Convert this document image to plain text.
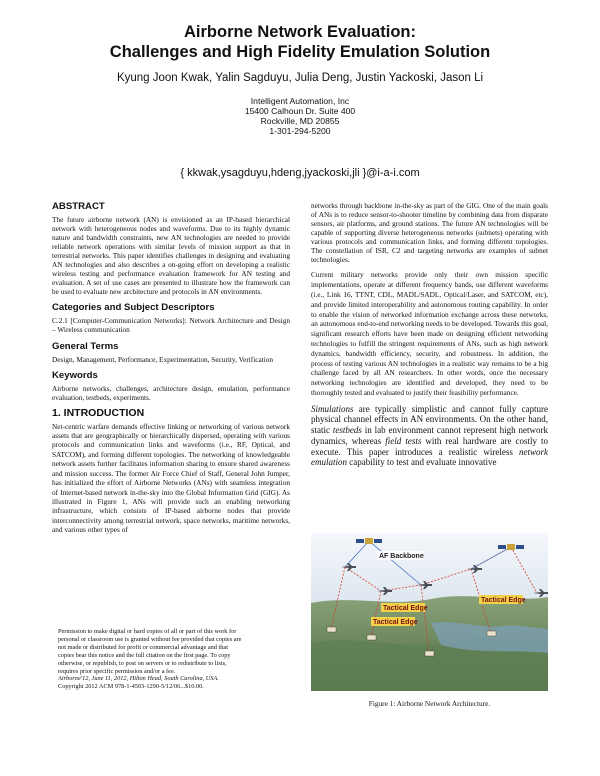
Airborne Network Evaluation:
Challenges and High Fidelity Emulation Solution
Kyung Joon Kwak, Yalin Sagduyu, Julia Deng, Justin Yackoski, Jason Li
Intelligent Automation, Inc
15400 Calhoun Dr. Suite 400
Rockville, MD 20855
1-301-294-5200
{ kkwak,ysagduyu,hdeng,jyackoski,jli }@i-a-i.com
ABSTRACT

The future airborne network (AN) is envisioned as an IP-based hierarchical network with heterogeneous nodes and waveforms. Due to its highly dynamic nature and bandwidth constraints, new AN technologies are needed to provide reliable network operations with similar levels of mission support as that in terrestrial networks. This paper identifies challenges in designing and evaluating AN technologies and also describes a on-going effort on developing a realistic wireless testing and performance evaluation framework for AN testing and evaluation. A set of use cases are presented to illustrate how the framework can be used to evaluate new architecture and protocols in AN environments.

Categories and Subject Descriptors

C.2.1 [Computer-Communication Networks]: Network Architecture and Design – Wireless communication

General Terms

Design, Management, Performance, Experimentation, Security, Verification

Keywords

Airborne networks, challenges, architecture design, emulation, performance evaluation, testbeds, experiments.

1. INTRODUCTION

Net-centric warfare demands effective linking or networking of various network assets that are geographically or hierarchically dispersed, operating with various protocols and communication links and waveforms (i.e., RF, Optical, and SATCOM), and forming different topologies. The networking of knowledgeable network assets further facilitates information sharing to ensure shared awareness and mission success. The former Air Force Chief of Staff, General John Jumper, has initialized the effort of Airborne Networks (ANs) with seamless integration of Internet-based network in-the-sky into the Global Information Grid (GIG). As illustrated in Figure 1, ANs will provide such an enabling networking infrastructure, which consists of IP-based airborne nodes that provide interconnectivity among terrestrial network, space networks, maritime networks, and various other types of

Permission to make digital or hard copies of all or part of this work for
personal or classroom use is granted without fee provided that copies are
not made or distributed for profit or commercial advantage and that
copies bear this notice and the full citation on the first page. To copy
otherwise, or republish, to post on servers or to redistribute to lists,
requires prior specific permission and/or a fee.
Airborne'12, June 11, 2012, Hilton Head, South Carolina, USA.
Copyright 2012 ACM 978-1-4503-1290-5/12/06...$10.00.

networks through backbone in-the-sky as part of the GIG. One of the main goals of ANs is to reduce sensor-to-shooter timeline by combining data from disparate sensors, air platforms, and ground stations. The future AN technologies will be capable of supporting diverse heterogeneous networks (subnets) operating with various protocols and communication links, and forming different topologies. The constellation of ISR, C2 and targeting networks are examples of subnet technologies.

Current military networks provide only their own mission specific implementations, operate at different frequency bands, use different waveforms (i.e., Link 16, TTNT, CDL, MADL/SADL, Optical/Laser, and SATCOM, etc), and provide limited interoperability and autonomous routing capability. In order to enable the vision of networked information exchange across these networks, an autonomous end-to-end networking needs to be developed. Towards this goal, significant research efforts have been made on designing efficient networking technologies to fulfill the stringent requirements of ANs, such as high network dynamics, bandwidth efficiency, security, and robustness. In addition, the process of testing various AN technologies in a realistic way remains to be a big challenge faced by all AN researchers. In other words, once the necessary networking technologies are identified and developed, they need to be thoroughly tested and evaluated to justify their feasibility performance.

Simulations are typically simplistic and cannot fully capture physical channel effects in AN environments. On the other hand, static testbeds in lab environment cannot represent high network dynamics, whereas field tests with real hardware are costly to execute. This paper introduces a realistic wireless network emulation capability to test and evaluate innovative

AF Backbone
Tactical Edge
Tactical Edge
Tactical Edge
Figure 1: Airborne Network Architecture.
